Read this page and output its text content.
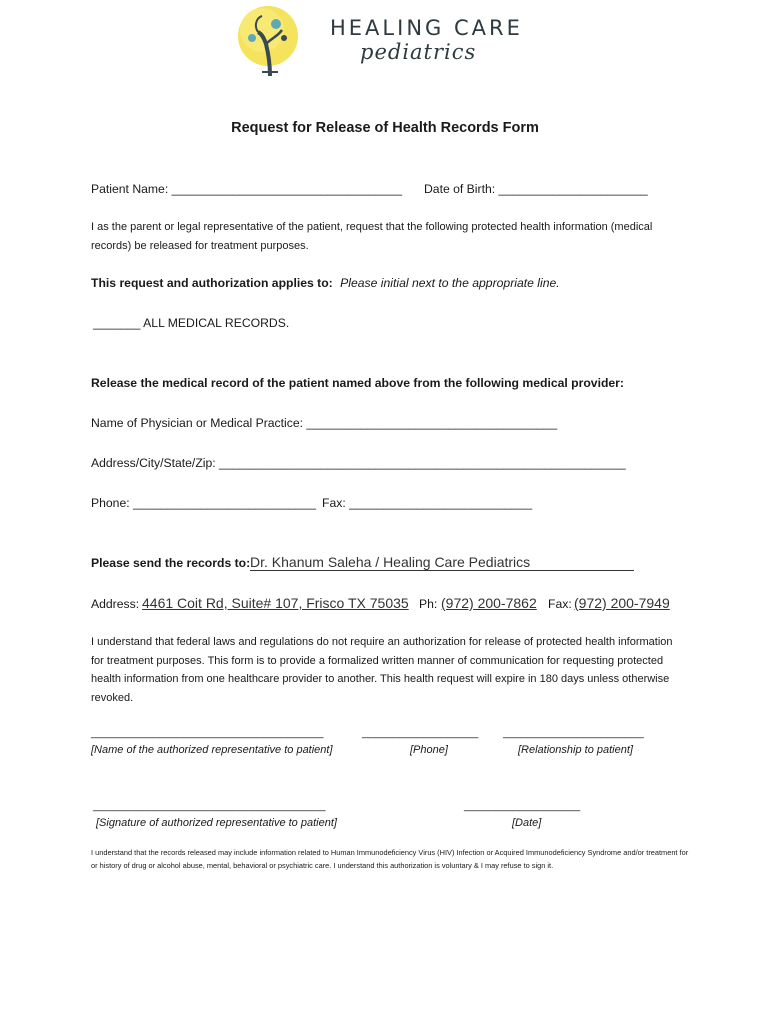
HEALING CARE
pediatrics
Request for Release of Health Records Form
Patient Name: __________________________________ Date of Birth: ______________________
I as the parent or legal representative of the patient, request that the following protected health information (medical records) be released for treatment purposes.
This request and authorization applies to: Please initial next to the appropriate line.
_______ ALL MEDICAL RECORDS.
Release the medical record of the patient named above from the following medical provider:
Name of Physician or Medical Practice: _____________________________________
Address/City/State/Zip: ____________________________________________________________
Phone: ___________________________ Fax: ___________________________
Please send the records to: Dr. Khanum Saleha / Healing Care Pediatrics
Address: 4461 Coit Rd, Suite# 107, Frisco TX 75035 Ph: (972) 200-7862 Fax: (972) 200-7949
I understand that federal laws and regulations do not require an authorization for release of protected health information for treatment purposes. This form is to provide a formalized written manner of communication for requesting protected health information from one healthcare provider to another. This health request will expire in 180 days unless otherwise revoked.
______________________________________	___________________ _______________________
[Name of the authorized representative to patient]	[Phone]	[Relationship to patient]
______________________________________	___________________
[Signature of authorized representative to patient]	[Date]
I understand that the records released may include information related to Human Immunodeficiency Virus (HIV) Infection or Acquired Immunodeficiency Syndrome and/or treatment for or history of drug or alcohol abuse, mental, behavioral or psychiatric care. I understand this authorization is voluntary & I may refuse to sign it.
